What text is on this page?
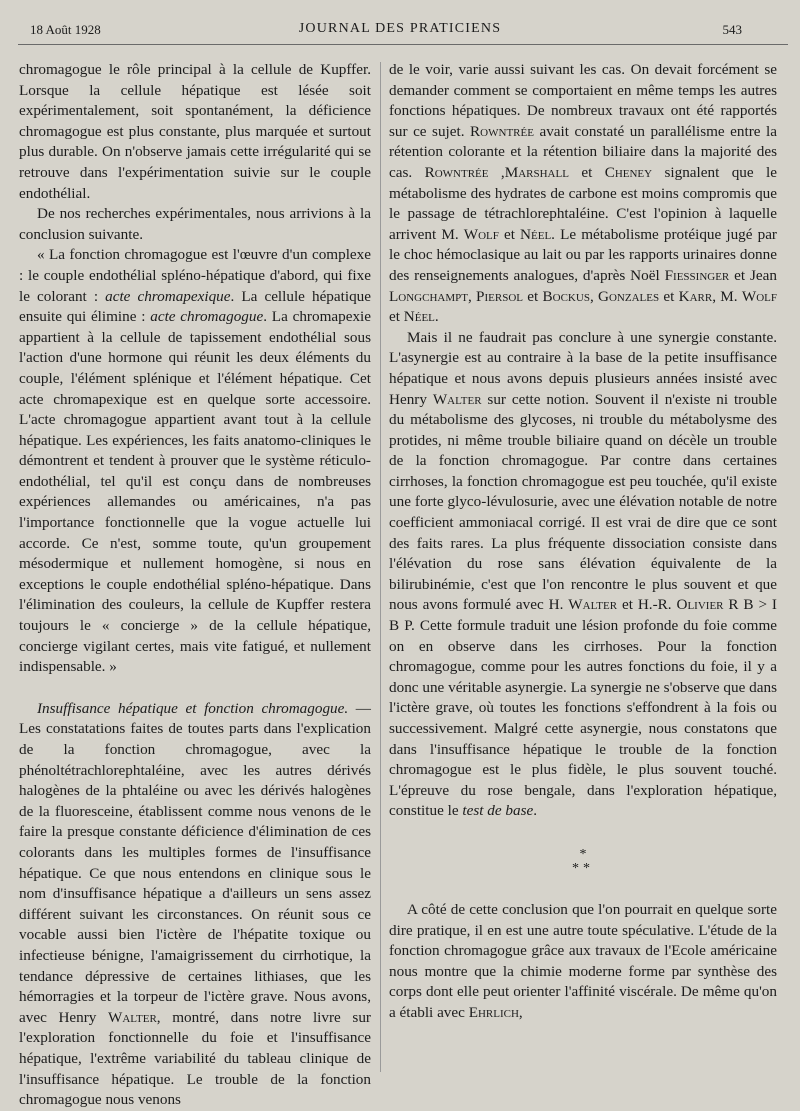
18 Août 1928	JOURNAL DES PRATICIENS	543

chromagogue le rôle principal à la cellule de Kupffer. Lorsque la cellule hépatique est lésée soit expérimentalement, soit spontanément, la déficience chromagogue est plus constante, plus marquée et surtout plus durable. On n'observe jamais cette irrégularité qui se retrouve dans l'expérimentation suivie sur le couple endothélial.

De nos recherches expérimentales, nous arrivions à la conclusion suivante.

« La fonction chromagogue est l'œuvre d'un complexe : le couple endothélial spléno-hépatique d'abord, qui fixe le colorant : acte chromapexique. La cellule hépatique ensuite qui élimine : acte chromagogue. La chromapexie appartient à la cellule de tapissement endothélial sous l'action d'une hormone qui réunit les deux éléments du couple, l'élément splénique et l'élément hépatique. Cet acte chromapexique est en quelque sorte accessoire. L'acte chromagogue appartient avant tout à la cellule hépatique. Les expériences, les faits anatomo-cliniques le démontrent et tendent à prouver que le système réticulo-endothélial, tel qu'il est conçu dans de nombreuses expériences allemandes ou américaines, n'a pas l'importance fonctionnelle que la vogue actuelle lui accorde. Ce n'est, somme toute, qu'un groupement mésodermique et nullement homogène, si nous en exceptions le couple endothélial spléno-hépatique. Dans l'élimination des couleurs, la cellule de Kupffer restera toujours le « concierge » de la cellule hépatique, concierge vigilant certes, mais vite fatigué, et nullement indispensable. »

Insuffisance hépatique et fonction chromagogue. — Les constatations faites de toutes parts dans l'explication de la fonction chromagogue, avec la phénoltétrachlorephtaléine, avec les autres dérivés halogènes de la phtaléine ou avec les dérivés halogènes de la fluoresceine, établissent comme nous venons de le faire la presque constante déficience d'élimination de ces colorants dans les multiples formes de l'insuffisance hépatique. Ce que nous entendons en clinique sous le nom d'insuffisance hépatique a d'ailleurs un sens assez différent suivant les circonstances. On réunit sous ce vocable aussi bien l'ictère de l'hépatite toxique ou infectieuse bénigne, l'amaigrissement du cirrhotique, la tendance dépressive de certaines lithiases, que les hémorragies et la torpeur de l'ictère grave. Nous avons, avec Henry Walter, montré, dans notre livre sur l'exploration fonctionnelle du foie et l'insuffisance hépatique, l'extrême variabilité du tableau clinique de l'insuffisance hépatique. Le trouble de la fonction chromagogue nous venons

de le voir, varie aussi suivant les cas. On devait forcément se demander comment se comportaient en même temps les autres fonctions hépatiques. De nombreux travaux ont été rapportés sur ce sujet. Rowntrée avait constaté un parallélisme entre la rétention colorante et la rétention biliaire dans la majorité des cas. Rowntrée ,Marshall et Cheney signalent que le métabolisme des hydrates de carbone est moins compromis que le passage de tétrachlorephtaléine. C'est l'opinion à laquelle arrivent M. Wolf et Néel. Le métabolisme protéique jugé par le choc hémoclasique au lait ou par les rapports urinaires donne des renseignements analogues, d'après Noël Fiessinger et Jean Longchampt, Piersol et Bockus, Gonzales et Karr, M. Wolf et Néel.

Mais il ne faudrait pas conclure à une synergie constante. L'asynergie est au contraire à la base de la petite insuffisance hépatique et nous avons depuis plusieurs années insisté avec Henry Walter sur cette notion. Souvent il n'existe ni trouble du métabolisme des glycoses, ni trouble du métabolysme des protides, ni même trouble biliaire quand on décèle un trouble de la fonction chromagogue. Par contre dans certaines cirrhoses, la fonction chromagogue est peu touchée, qu'il existe une forte glyco-lévulosurie, avec une élévation notable de notre coefficient ammoniacal corrigé. Il est vrai de dire que ce sont des faits rares. La plus fréquente dissociation consiste dans l'élévation du rose sans élévation équivalente de la bilirubinémie, c'est que l'on rencontre le plus souvent et que nous avons formulé avec H. Walter et H.-R. Olivier R B > I B P. Cette formule traduit une lésion profonde du foie comme on en observe dans les cirrhoses. Pour la fonction chromagogue, comme pour les autres fonctions du foie, il y a donc une véritable asynergie. La synergie ne s'observe que dans l'ictère grave, où toutes les fonctions s'effondrent à la fois ou successivement. Malgré cette asynergie, nous constatons que dans l'insuffisance hépatique le trouble de la fonction chromagogue est le plus fidèle, le plus souvent touché. L'épreuve du rose bengale, dans l'exploration hépatique, constitue le test de base.

*
**

A côté de cette conclusion que l'on pourrait en quelque sorte dire pratique, il en est une autre toute spéculative. L'étude de la fonction chromagogue grâce aux travaux de l'Ecole américaine nous montre que la chimie moderne forme par synthèse des corps dont elle peut orienter l'affinité viscérale. De même qu'on a établi avec Ehrlich,
